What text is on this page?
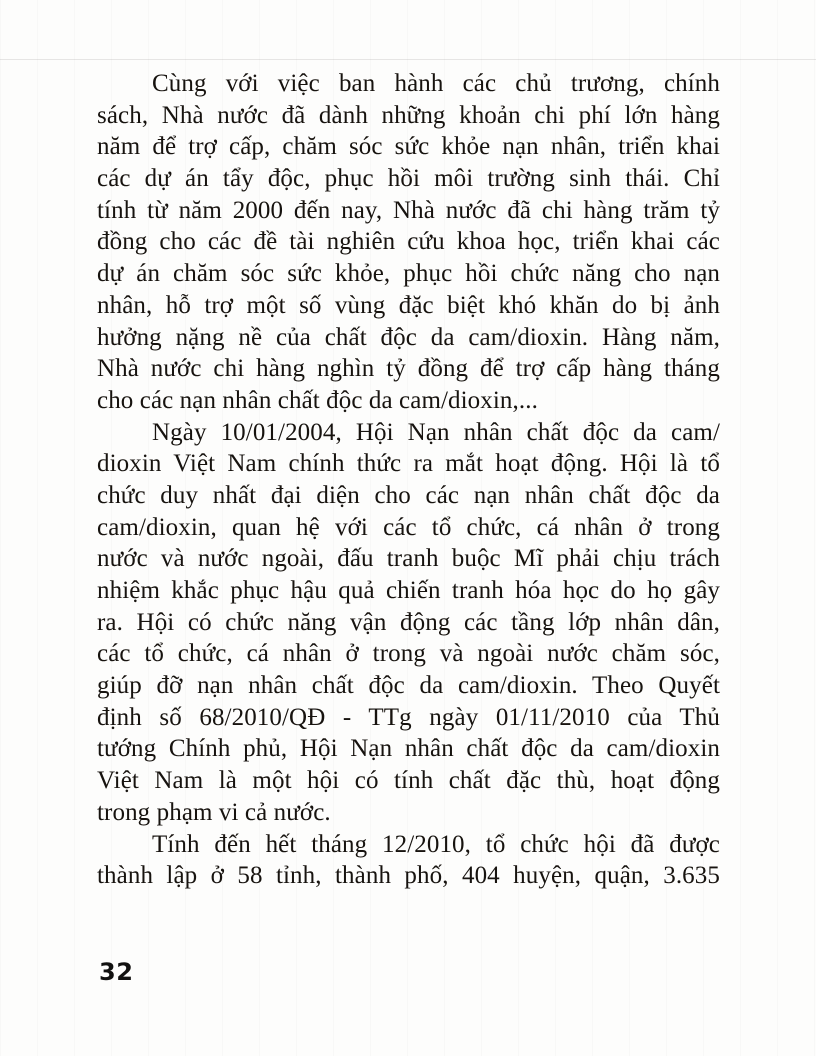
Cùng với việc ban hành các chủ trương, chính
sách, Nhà nước đã dành những khoản chi phí lớn hàng
năm để trợ cấp, chăm sóc sức khỏe nạn nhân, triển khai
các dự án tẩy độc, phục hồi môi trường sinh thái. Chỉ
tính từ năm 2000 đến nay, Nhà nước đã chi hàng trăm tỷ
đồng cho các đề tài nghiên cứu khoa học, triển khai các
dự án chăm sóc sức khỏe, phục hồi chức năng cho nạn
nhân, hỗ trợ một số vùng đặc biệt khó khăn do bị ảnh
hưởng nặng nề của chất độc da cam/dioxin. Hàng năm,
Nhà nước chi hàng nghìn tỷ đồng để trợ cấp hàng tháng
cho các nạn nhân chất độc da cam/dioxin,...
Ngày 10/01/2004, Hội Nạn nhân chất độc da cam/
dioxin Việt Nam chính thức ra mắt hoạt động. Hội là tổ
chức duy nhất đại diện cho các nạn nhân chất độc da
cam/dioxin, quan hệ với các tổ chức, cá nhân ở trong
nước và nước ngoài, đấu tranh buộc Mĩ phải chịu trách
nhiệm khắc phục hậu quả chiến tranh hóa học do họ gây
ra. Hội có chức năng vận động các tầng lớp nhân dân,
các tổ chức, cá nhân ở trong và ngoài nước chăm sóc,
giúp đỡ nạn nhân chất độc da cam/dioxin. Theo Quyết
định số 68/2010/QĐ - TTg ngày 01/11/2010 của Thủ
tướng Chính phủ, Hội Nạn nhân chất độc da cam/dioxin
Việt Nam là một hội có tính chất đặc thù, hoạt động
trong phạm vi cả nước.
Tính đến hết tháng 12/2010, tổ chức hội đã được
thành lập ở 58 tỉnh, thành phố, 404 huyện, quận, 3.635
32
